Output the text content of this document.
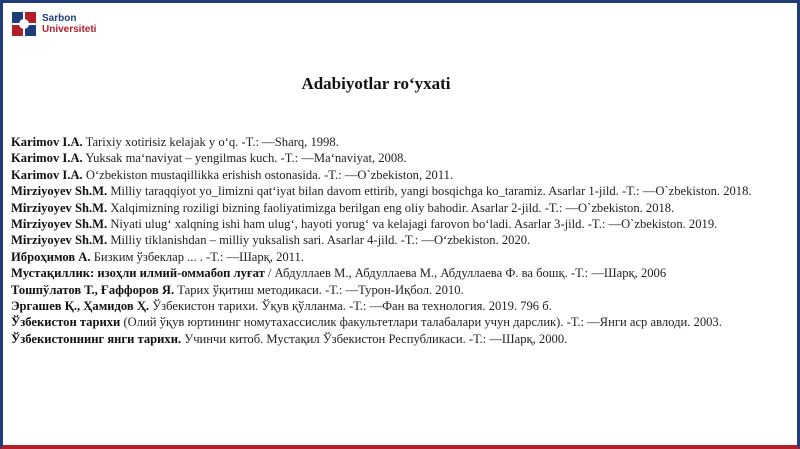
Sarbon
Universiteti
Adabiyotlar ro‘yxati

Karimov I.A. Tarixiy xotirisiz kelajak y oʻq. -T.: ―Sharq, 1998.

Karimov I.A. Yuksak maʻnaviyat – yengilmas kuch. -T.: ―Maʻnaviyat, 2008.

Karimov I.A. Oʻzbekiston mustaqillikka erishish ostonasida. -T.: ―O`zbekiston, 2011.

Mirziyoyev Sh.M. Milliy taraqqiyot yo_limizni qatʻiyat bilan davom ettirib, yangi bosqichga ko_taramiz. Asarlar 1-jild. -T.: ―O`zbekiston. 2018.

Mirziyoyev Sh.M. Xalqimizning roziligi bizning faoliyatimizga berilgan eng oliy bahodir. Asarlar 2-jild. -T.: ―O`zbekiston. 2018.

Mirziyoyev Sh.M. Niyati ulug‘ xalqning ishi ham ulug‘, hayoti yorug‘ va kelajagi farovon bo‘ladi. Asarlar 3-jild. -T.: ―O`zbekiston. 2019.

Mirziyoyev Sh.M. Milliy tiklanishdan – milliy yuksalish sari. Asarlar 4-jild. -T.: ―Oʻzbekiston. 2020.

Иброҳимов А. Бизким ўзбеклар ... . -Т.: ―Шарқ, 2011.

Мустақиллик: изоҳли илмий-оммабоп луғат / Абдуллаев М., Абдуллаева М., Абдуллаева Ф. ва бошқ. -Т.: ―Шарқ, 2006

Тошпўлатов Т., Ғаффоров Я. Тарих ўқитиш методикаси. -Т.: ―Турон-Иқбол. 2010.

Эргашев Қ., Ҳамидов Ҳ. Ўзбекистон тарихи. Ўқув қўлланма. -Т.: ―Фан ва технология. 2019. 796 б.

Ўзбекистон тарихи (Олий ўқув юртининг номутахассислик факультетлари талабалари учун дарслик). -Т.: ―Янги аср авлоди. 2003.

Ўзбекистоннинг янги тарихи. Учинчи китоб. Мустақил Ўзбекистон Республикаси. -Т.: ―Шарқ, 2000.
